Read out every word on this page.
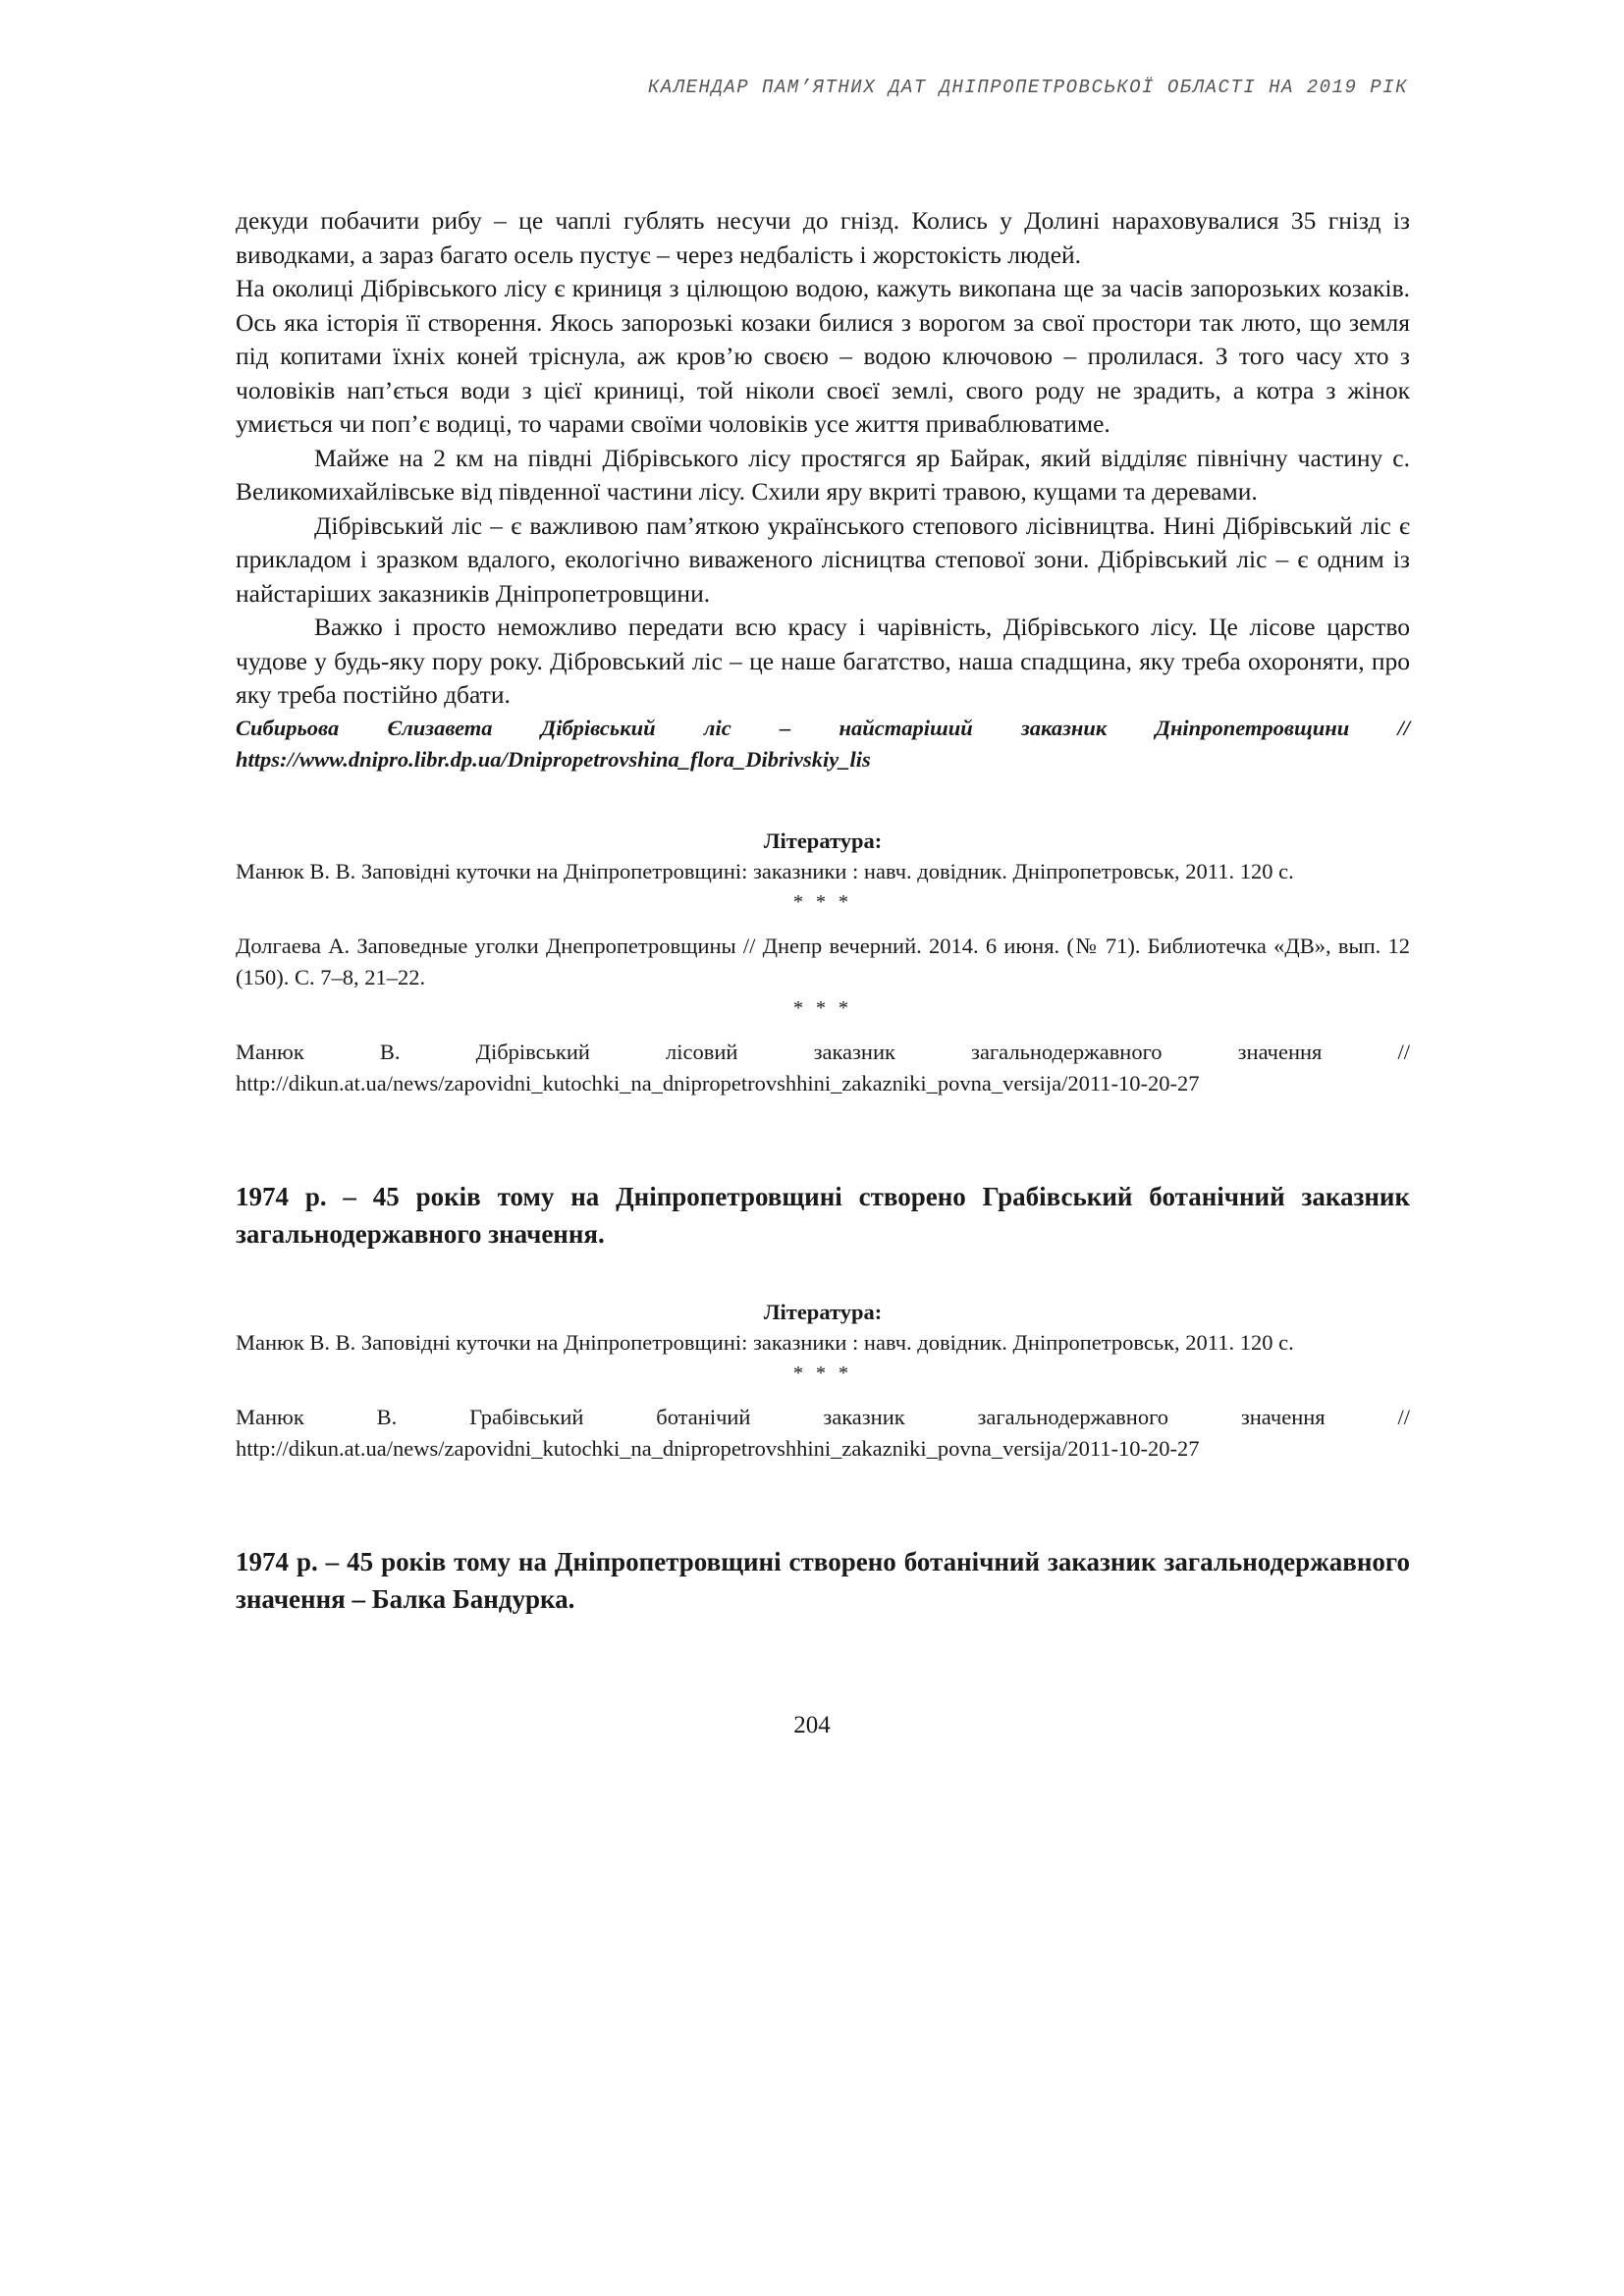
КАЛЕНДАР ПАМ’ЯТНИХ ДАТ ДНІПРОПЕТРОВСЬКОЇ ОБЛАСТІ НА 2019 РІК

декуди побачити рибу – це чаплі гублять несучи до гнізд. Колись у Долині нараховувалися 35 гнізд із виводками, а зараз багато осель пустує – через недбалість і жорстокість людей.

На околиці Дібрівського лісу є криниця з цілющою водою, кажуть викопана ще за часів запорозьких козаків. Ось яка історія її створення. Якось запорозькі козаки билися з ворогом за свої простори так люто, що земля під копитами їхніх коней тріснула, аж кров’ю своєю – водою ключовою – пролилася. З того часу хто з чоловіків нап’ється води з цієї криниці, той ніколи своєї землі, свого роду не зрадить, а котра з жінок умиється чи поп’є водиці, то чарами своїми чоловіків усе життя приваблюватиме.

Майже на 2 км на півдні Дібрівського лісу простягся яр Байрак, який відділяє північну частину с. Великомихайлівське від південної частини лісу. Схили яру вкриті травою, кущами та деревами.

Дібрівський ліс – є важливою пам’яткою українського степового лісівництва. Нині Дібрівський ліс є прикладом і зразком вдалого, екологічно виваженого лісництва степової зони. Дібрівський ліс – є одним із найстаріших заказників Дніпропетровщини.

Важко і просто неможливо передати всю красу і чарівність, Дібрівського лісу. Це лісове царство чудове у будь-яку пору року. Дібровський ліс – це наше багатство, наша спадщина, яку треба охороняти, про яку треба постійно дбати.

Сибирьова Єлизавета Дібрівський ліс – найстаріший заказник Дніпропетровщини // https://www.dnipro.libr.dp.ua/Dnipropetrovshina_flora_Dibrivskiy_lis

Література:

Манюк В. В. Заповідні куточки на Дніпропетровщині: заказники : навч. довідник. Дніпропетровськ, 2011. 120 с.

* * *

Долгаева А. Заповедные уголки Днепропетровщины // Днепр вечерний. 2014. 6 июня. (№ 71). Библиотечка «ДВ», вып. 12 (150). С. 7–8, 21–22.

* * *

Манюк В. Дібрівський лісовий заказник загальнодержавного значення // http://dikun.at.ua/news/zapovidni_kutochki_na_dnipropetrovshhini_zakazniki_povna_versija/2011-10-20-27

1974 р. – 45 років тому на Дніпропетровщині створено Грабівський ботанічний заказник загальнодержавного значення.
Література:

Манюк В. В. Заповідні куточки на Дніпропетровщині: заказники : навч. довідник. Дніпропетровськ, 2011. 120 с.

* * *

Манюк В. Грабівський ботанічий заказник загальнодержавного значення // http://dikun.at.ua/news/zapovidni_kutochki_na_dnipropetrovshhini_zakazniki_povna_versija/2011-10-20-27

1974 р. – 45 років тому на Дніпропетровщині створено ботанічний заказник загальнодержавного значення – Балка Бандурка.
204
